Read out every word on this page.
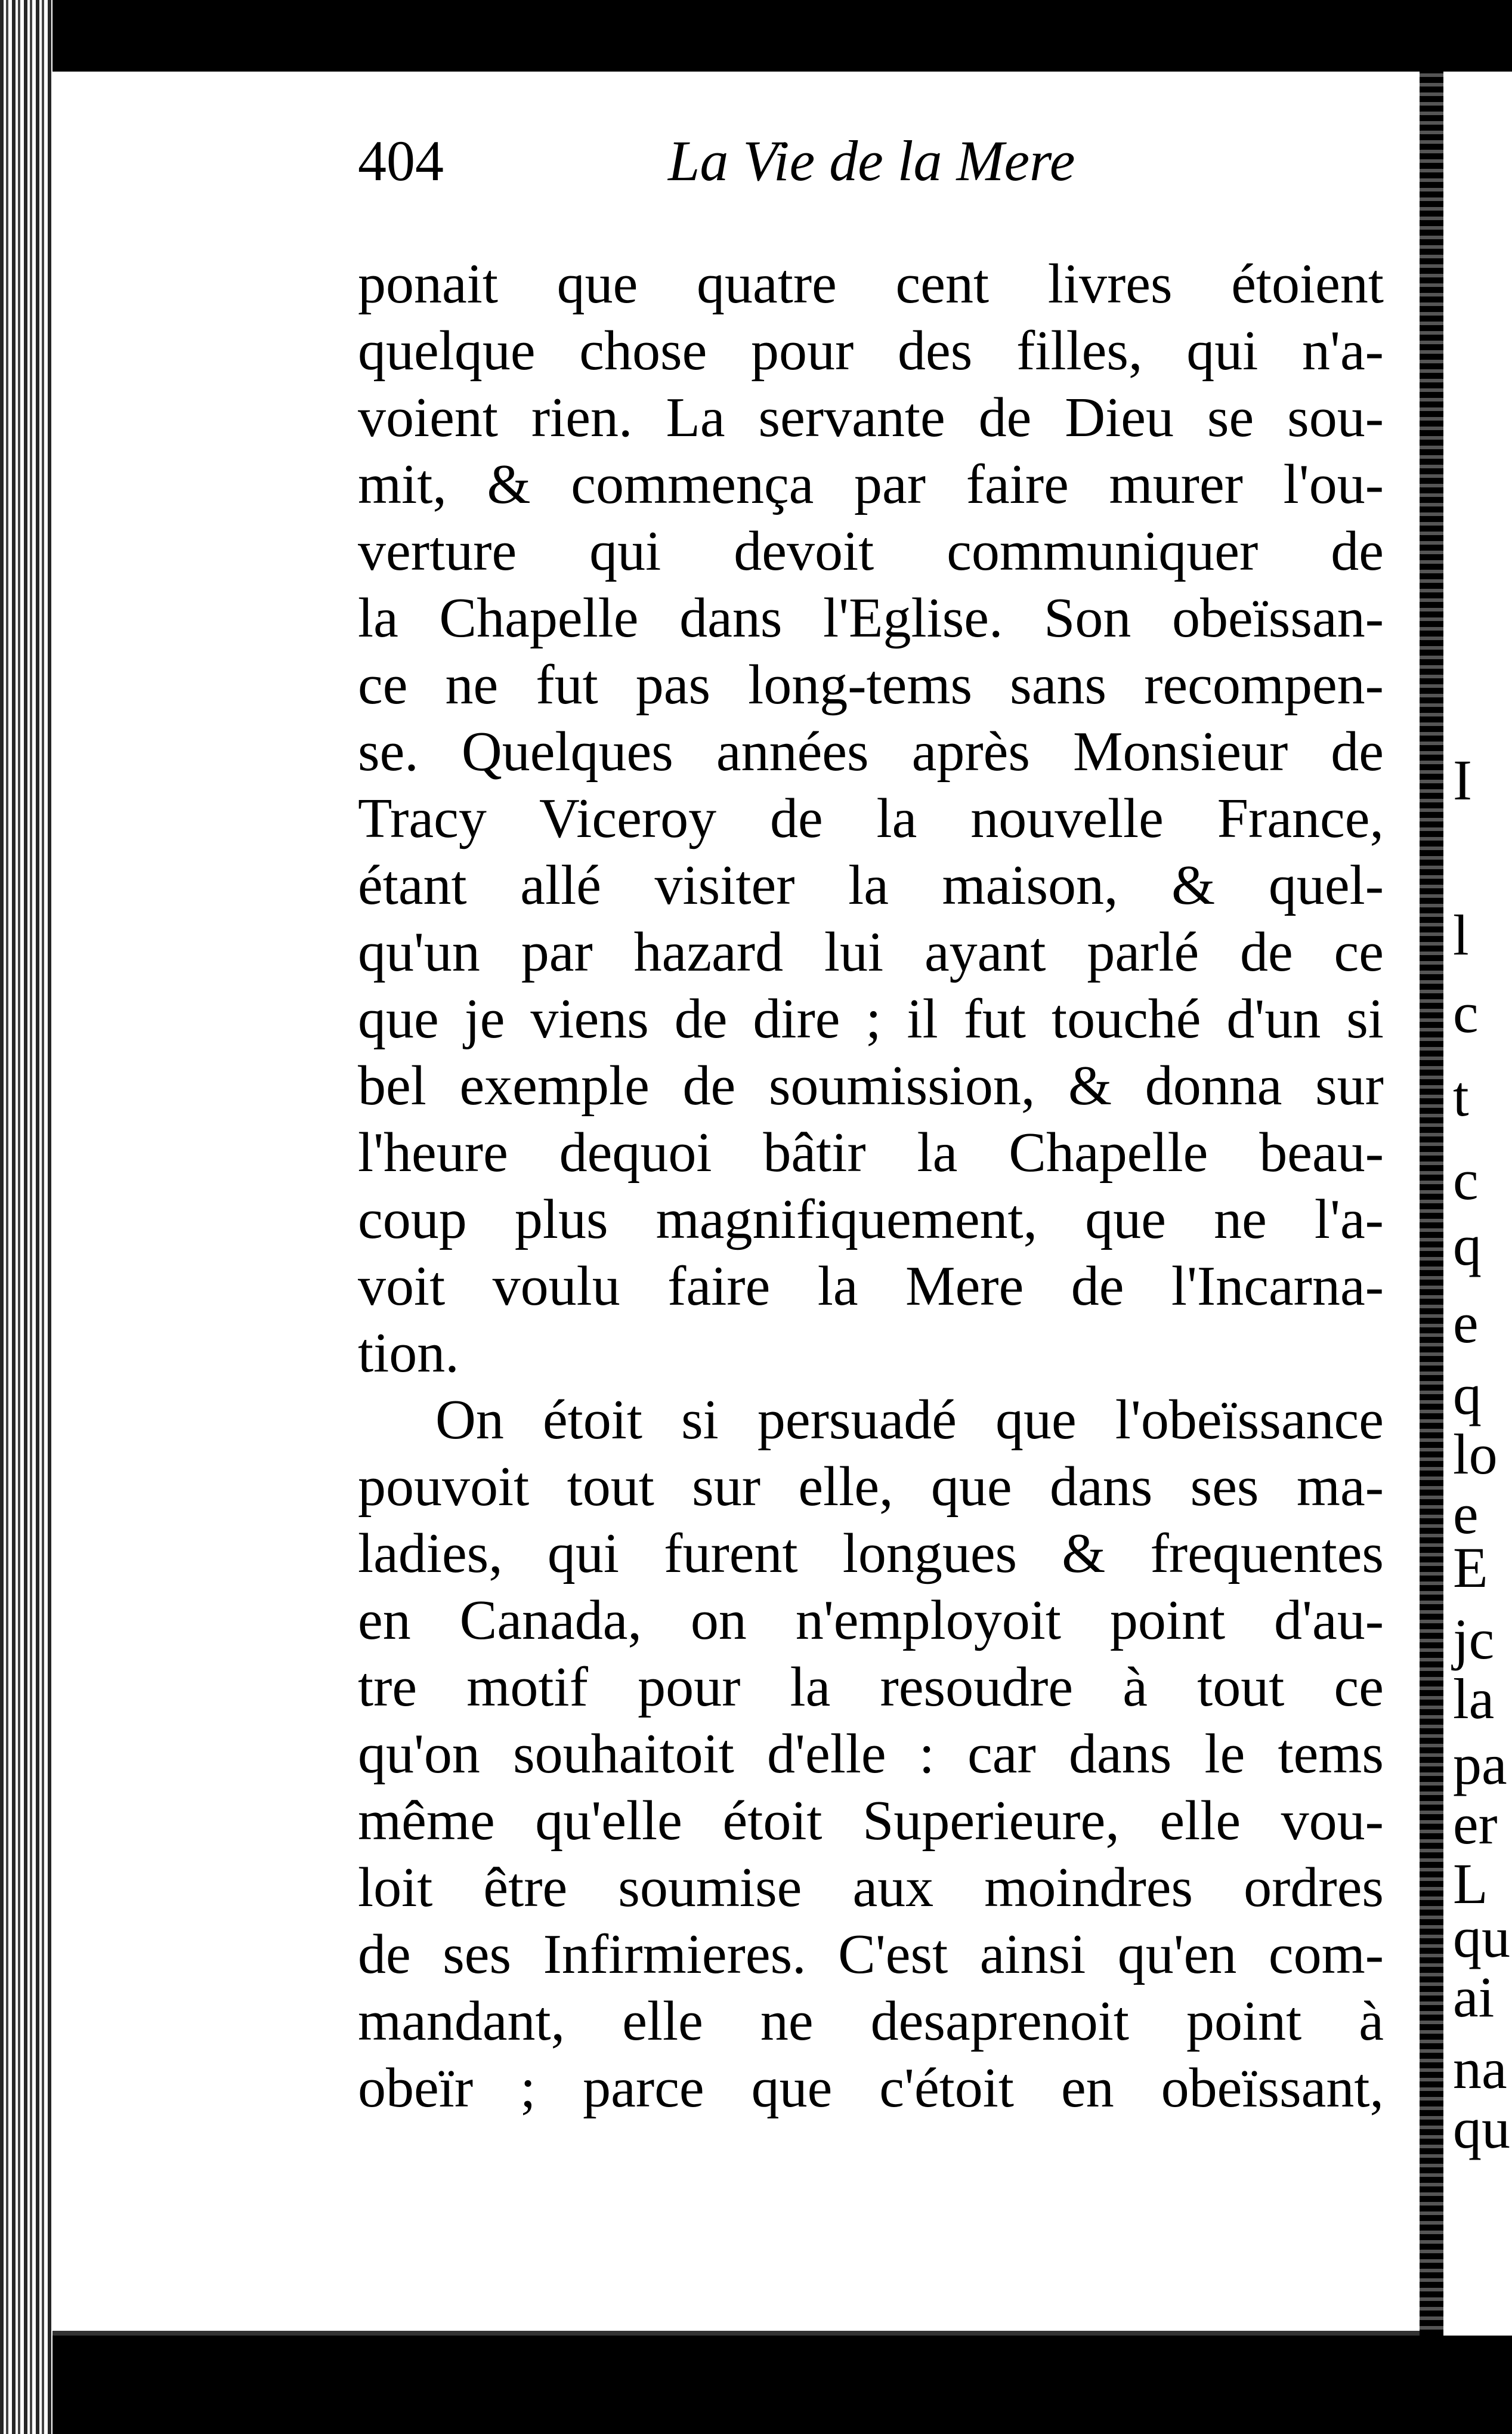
404	La Vie de la Mere
ponait que quatre cent livres étoient
quelque chose pour des filles, qui n'a-
voient rien. La servante de Dieu se sou-
mit, & commença par faire murer l'ou-
verture qui devoit communiquer de
la Chapelle dans l'Eglise. Son obeïssan-
ce ne fut pas long-tems sans recompen-
se. Quelques années après Monsieur de
Tracy Viceroy de la nouvelle France,
étant allé visiter la maison, & quel-
qu'un par hazard lui ayant parlé de ce
que je viens de dire ; il fut touché d'un si
bel exemple de soumission, & donna sur
l'heure dequoi bâtir la Chapelle beau-
coup plus magnifiquement, que ne l'a-
voit voulu faire la Mere de l'Incarna-
tion.
On étoit si persuadé que l'obeïssance
pouvoit tout sur elle, que dans ses ma-
ladies, qui furent longues & frequentes
en Canada, on n'employoit point d'au-
tre motif pour la resoudre à tout ce
qu'on souhaitoit d'elle : car dans le tems
même qu'elle étoit Superieure, elle vou-
loit être soumise aux moindres ordres
de ses Infirmieres. C'est ainsi qu'en com-
mandant, elle ne desaprenoit point à
obeïr ; parce que c'étoit en obeïssant,
I
l
c
t
c
q
e
q
lo
e
E
jc
la
pa
er
L
qu
ai
na
qu
